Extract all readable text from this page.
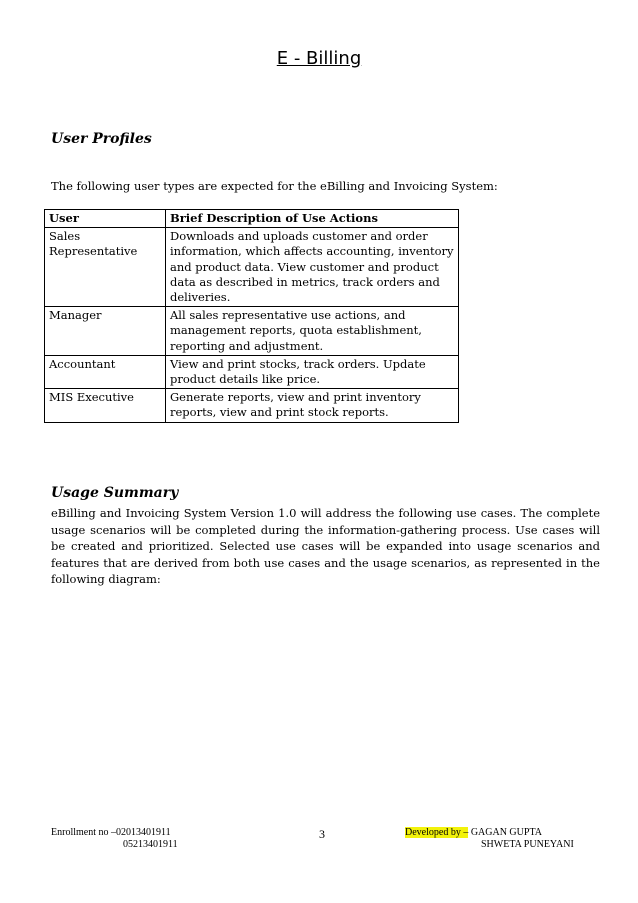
E - Billing
User Profiles
The following user types are expected for the eBilling and Invoicing System:
User	Brief Description of Use Actions
Sales Representative	Downloads and uploads customer and order information, which affects accounting, inventory and product data. View customer and product data as described in metrics, track orders and deliveries.
Manager	All sales representative use actions, and management reports, quota establishment, reporting and adjustment.
Accountant	View and print stocks, track orders. Update product details like price.
MIS Executive	Generate reports, view and print inventory reports, view and print stock reports.
Usage Summary
eBilling and Invoicing System Version 1.0 will address the following use cases. The complete usage scenarios will be completed during the information-gathering process. Use cases will be created and prioritized. Selected use cases will be expanded into usage scenarios and features that are derived from both use cases and the usage scenarios, as represented in the following diagram:
Enrollment no –02013401911
05213401911
3	Developed by – GAGAN GUPTA
SHWETA PUNEYANI
